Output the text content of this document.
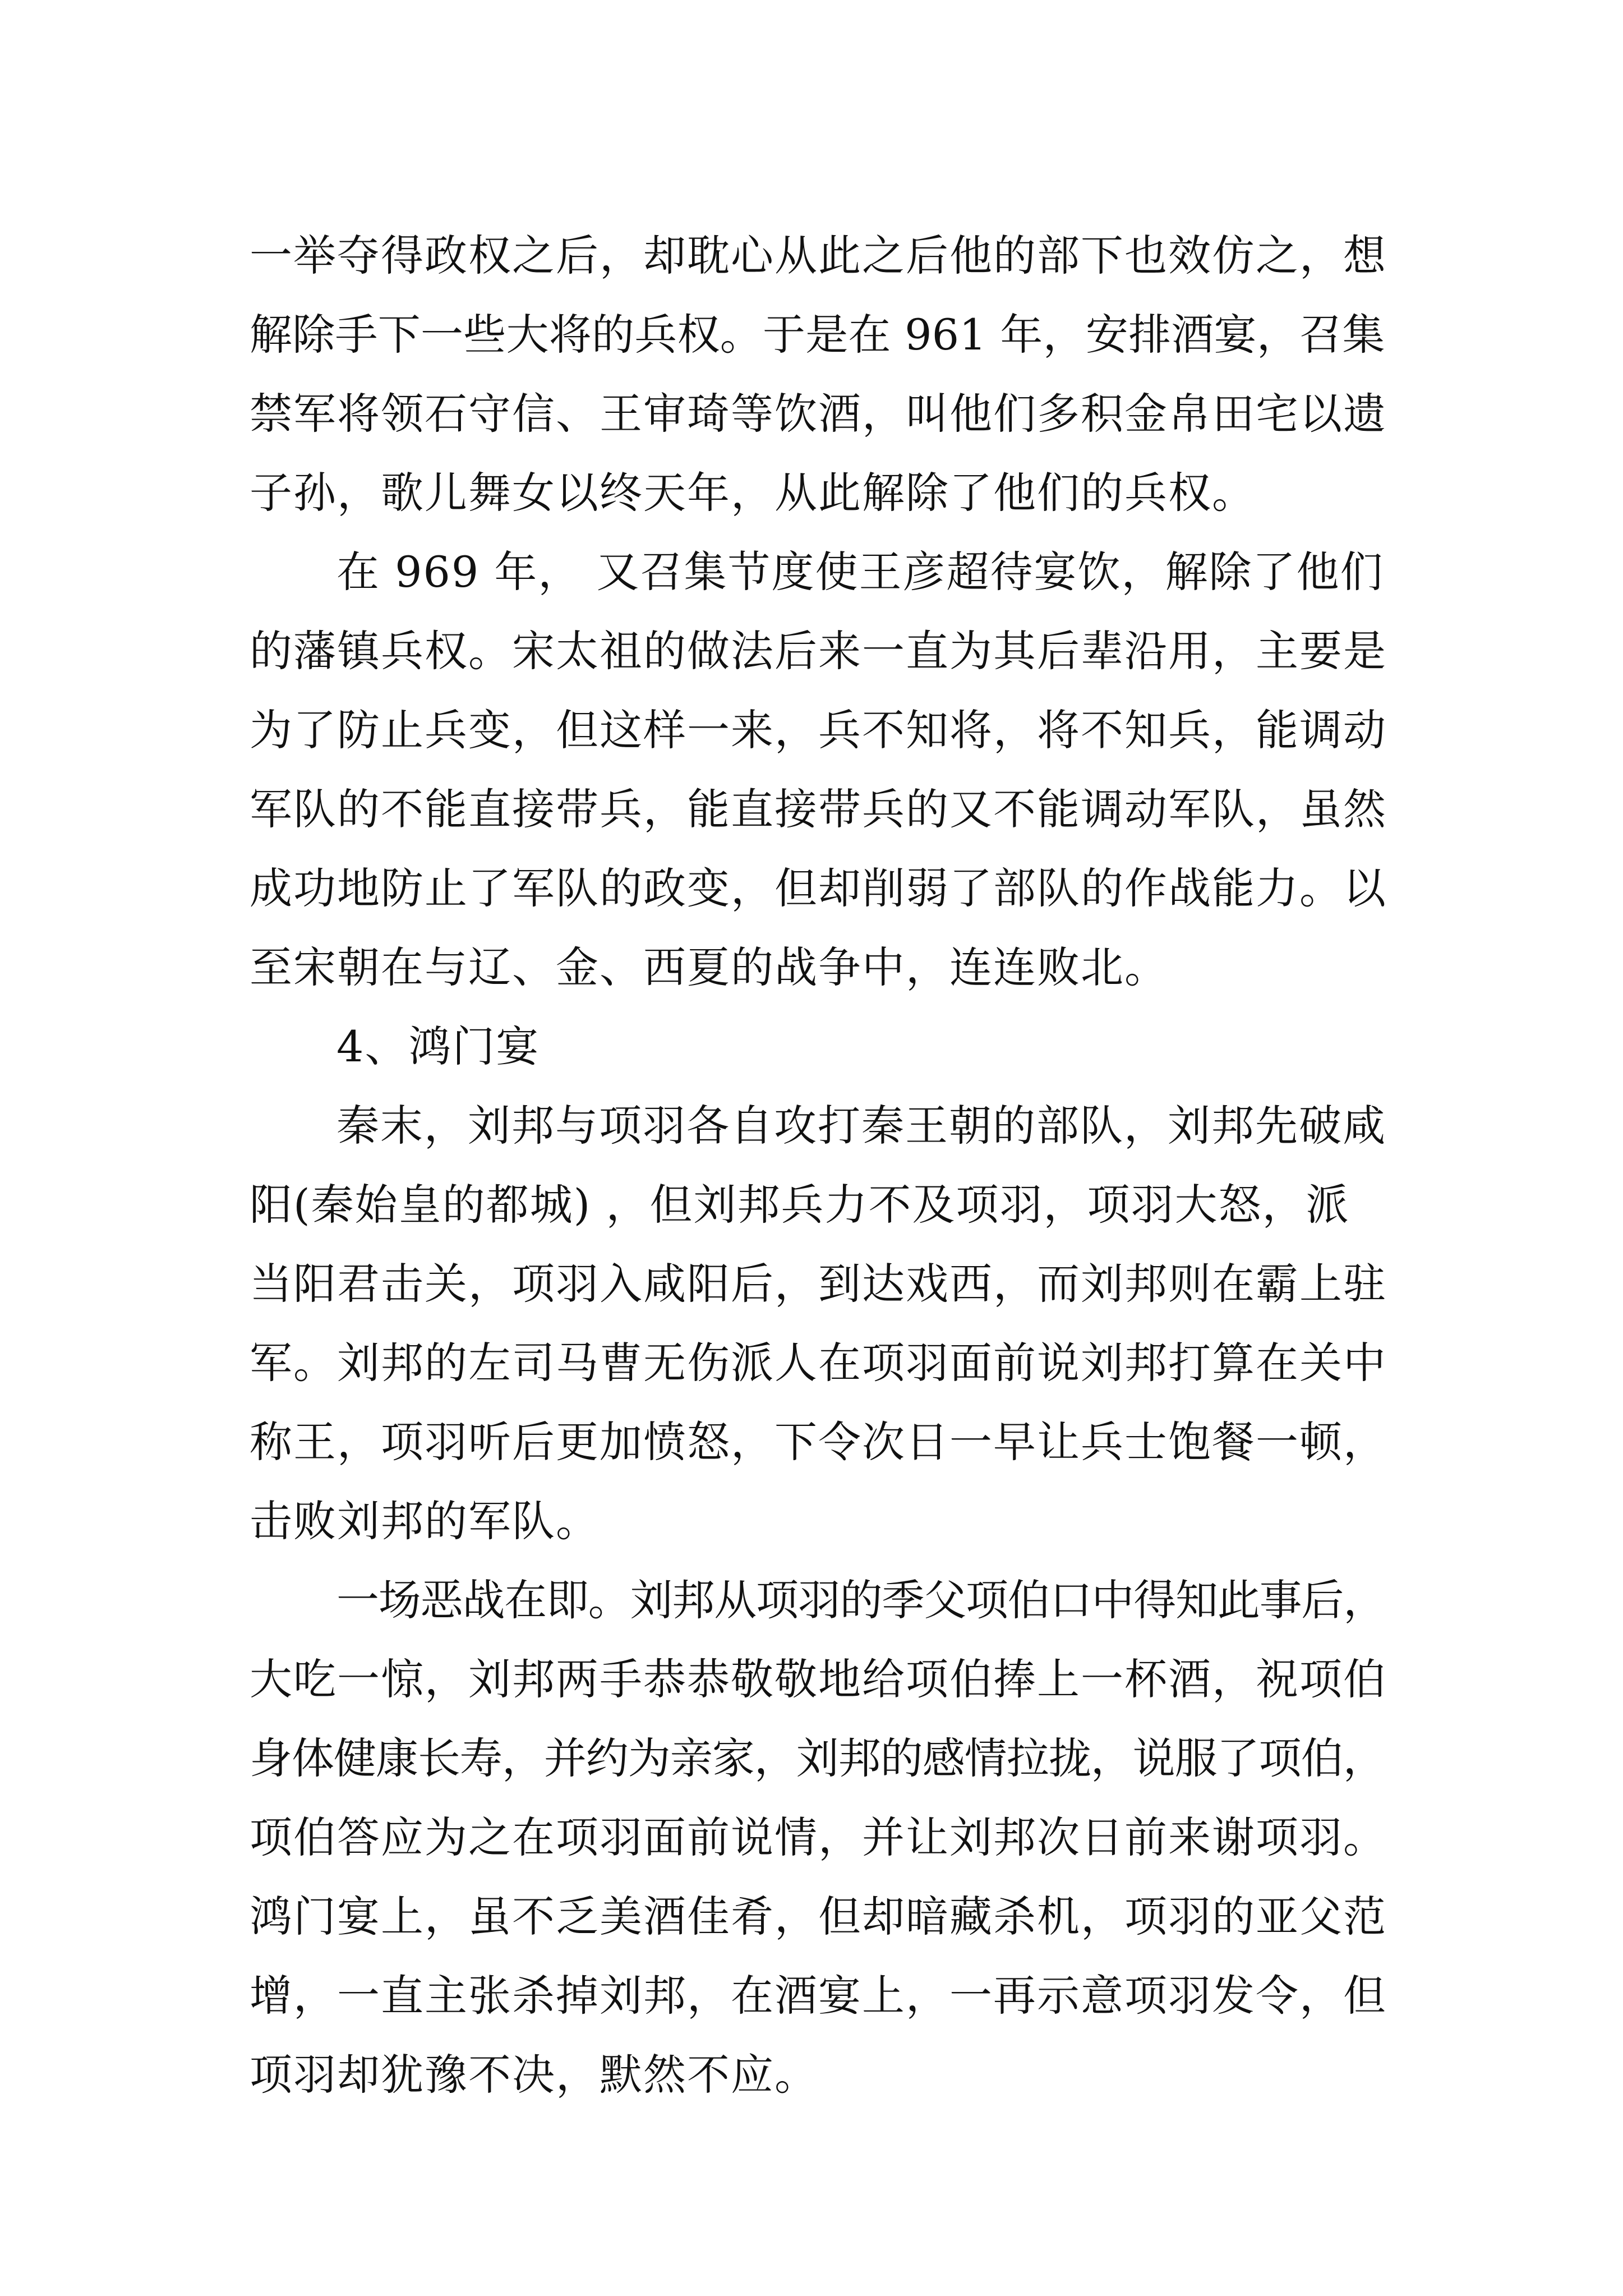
一举夺得政权之后，却耽心从此之后他的部下也效仿之，想
解除手下一些大将的兵权。于是在 961 年，安排酒宴，召集
禁军将领石守信、王审琦等饮酒，叫他们多积金帛田宅以遗
子孙，歌儿舞女以终天年，从此解除了他们的兵权。
在 969 年， 又召集节度使王彦超待宴饮，解除了他们
的藩镇兵权。宋太祖的做法后来一直为其后辈沿用，主要是
为了防止兵变，但这样一来，兵不知将，将不知兵，能调动
军队的不能直接带兵，能直接带兵的又不能调动军队，虽然
成功地防止了军队的政变，但却削弱了部队的作战能力。以
至宋朝在与辽、金、西夏的战争中，连连败北。
4、鸿门宴
秦末，刘邦与项羽各自攻打秦王朝的部队，刘邦先破咸
阳(秦始皇的都城) ，但刘邦兵力不及项羽，项羽大怒，派
当阳君击关，项羽入咸阳后，到达戏西，而刘邦则在霸上驻
军。刘邦的左司马曹无伤派人在项羽面前说刘邦打算在关中
称王，项羽听后更加愤怒，下令次日一早让兵士饱餐一顿，
击败刘邦的军队。
一场恶战在即。刘邦从项羽的季父项伯口中得知此事后，
大吃一惊，刘邦两手恭恭敬敬地给项伯捧上一杯酒，祝项伯
身体健康长寿，并约为亲家，刘邦的感情拉拢，说服了项伯，
项伯答应为之在项羽面前说情，并让刘邦次日前来谢项羽。
鸿门宴上，虽不乏美酒佳肴，但却暗藏杀机，项羽的亚父范
增，一直主张杀掉刘邦，在酒宴上，一再示意项羽发令，但
项羽却犹豫不决，默然不应。
